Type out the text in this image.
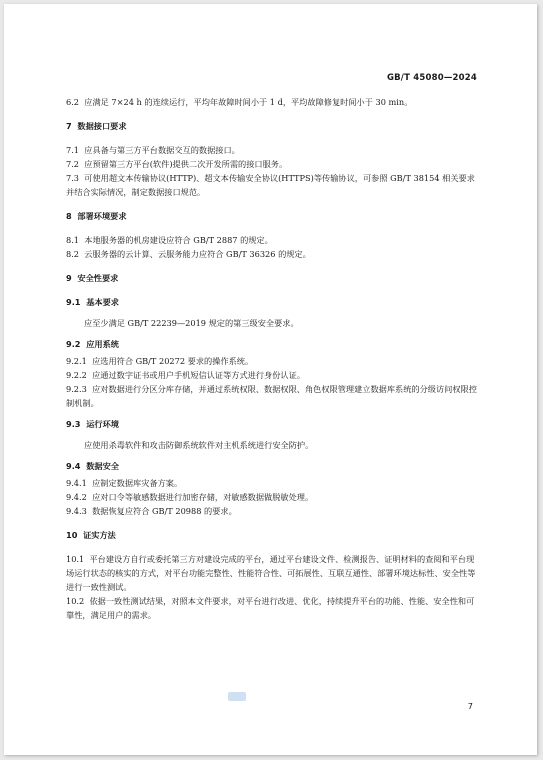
GB/T 45080—2024

6.2 应满足 7×24 h 的连续运行，平均年故障时间小于 1 d，平均故障修复时间小于 30 min。

7 数据接口要求

7.1 应具备与第三方平台数据交互的数据接口。

7.2 应预留第三方平台(软件)提供二次开发所需的接口服务。

7.3 可使用超文本传输协议(HTTP)、超文本传输安全协议(HTTPS)等传输协议，可参照 GB/T 38154 相关要求并结合实际情况，制定数据接口规范。

8 部署环境要求

8.1 本地服务器的机房建设应符合 GB/T 2887 的规定。

8.2 云服务器的云计算、云服务能力应符合 GB/T 36326 的规定。

9 安全性要求

9.1 基本要求

应至少满足 GB/T 22239—2019 规定的第三级安全要求。

9.2 应用系统

9.2.1 应选用符合 GB/T 20272 要求的操作系统。

9.2.2 应通过数字证书或用户手机短信认证等方式进行身份认证。

9.2.3 应对数据进行分区分库存储，并通过系统权限、数据权限、角色权限管理建立数据库系统的分级访问权限控制机制。

9.3 运行环境

应使用杀毒软件和攻击防御系统软件对主机系统进行安全防护。

9.4 数据安全

9.4.1 应制定数据库灾备方案。

9.4.2 应对口令等敏感数据进行加密存储，对敏感数据做脱敏处理。

9.4.3 数据恢复应符合 GB/T 20988 的要求。

10 证实方法

10.1 平台建设方自行或委托第三方对建设完成的平台，通过平台建设文件、检测报告、证明材料的查阅和平台现场运行状态的核实的方式，对平台功能完整性、性能符合性、可拓展性、互联互通性、部署环境达标性、安全性等进行一致性测试。

10.2 依据一致性测试结果，对照本文件要求，对平台进行改进、优化，持续提升平台的功能、性能、安全性和可靠性，满足用户的需求。

7
